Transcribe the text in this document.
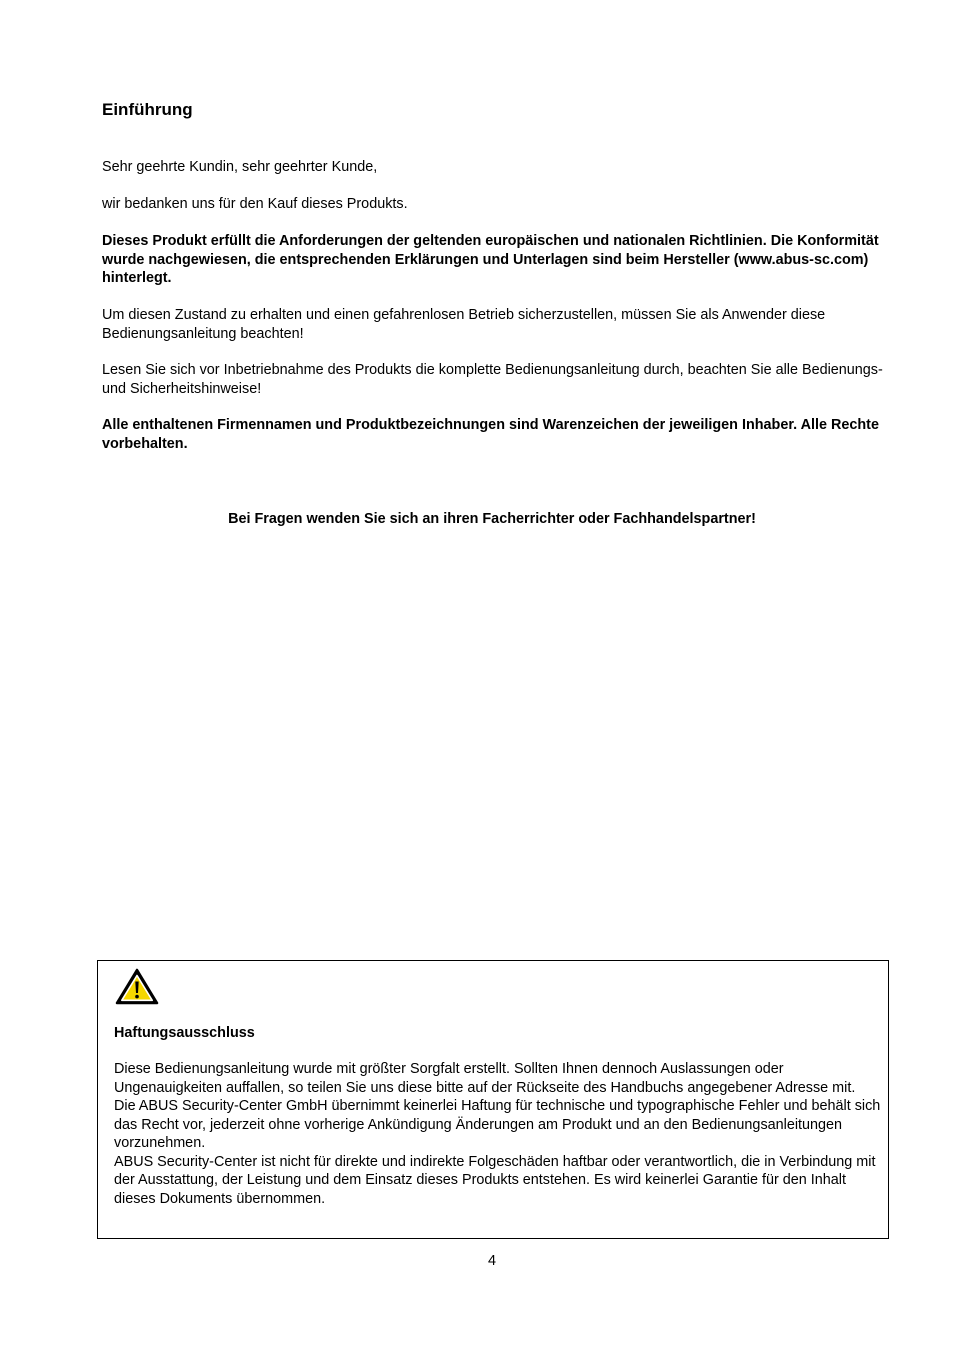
Einführung

Sehr geehrte Kundin, sehr geehrter Kunde,

wir bedanken uns für den Kauf dieses Produkts.

Dieses Produkt erfüllt die Anforderungen der geltenden europäischen und nationalen Richtlinien. Die Konformität wurde nachgewiesen, die entsprechenden Erklärungen und Unterlagen sind beim Hersteller (www.abus-sc.com) hinterlegt.

Um diesen Zustand zu erhalten und einen gefahrenlosen Betrieb sicherzustellen, müssen Sie als Anwender diese Bedienungsanleitung beachten!

Lesen Sie sich vor Inbetriebnahme des Produkts die komplette Bedienungsanleitung durch, beachten Sie alle Bedienungs- und Sicherheitshinweise!

Alle enthaltenen Firmennamen und Produktbezeichnungen sind Warenzeichen der jeweiligen Inhaber. Alle Rechte vorbehalten.

Bei Fragen wenden Sie sich an ihren Facherrichter oder Fachhandelspartner!

Haftungsausschluss

Diese Bedienungsanleitung wurde mit größter Sorgfalt erstellt. Sollten Ihnen dennoch Auslassungen oder Ungenauigkeiten auffallen, so teilen Sie uns diese bitte auf der Rückseite des Handbuchs angegebener Adresse mit.
Die ABUS Security-Center GmbH übernimmt keinerlei Haftung für technische und typographische Fehler und behält sich das Recht vor, jederzeit ohne vorherige Ankündigung Änderungen am Produkt und an den Bedienungsanleitungen vorzunehmen.
ABUS Security-Center ist nicht für direkte und indirekte Folgeschäden haftbar oder verantwortlich, die in Verbindung mit der Ausstattung, der Leistung und dem Einsatz dieses Produkts entstehen. Es wird keinerlei Garantie für den Inhalt dieses Dokuments übernommen.

4
